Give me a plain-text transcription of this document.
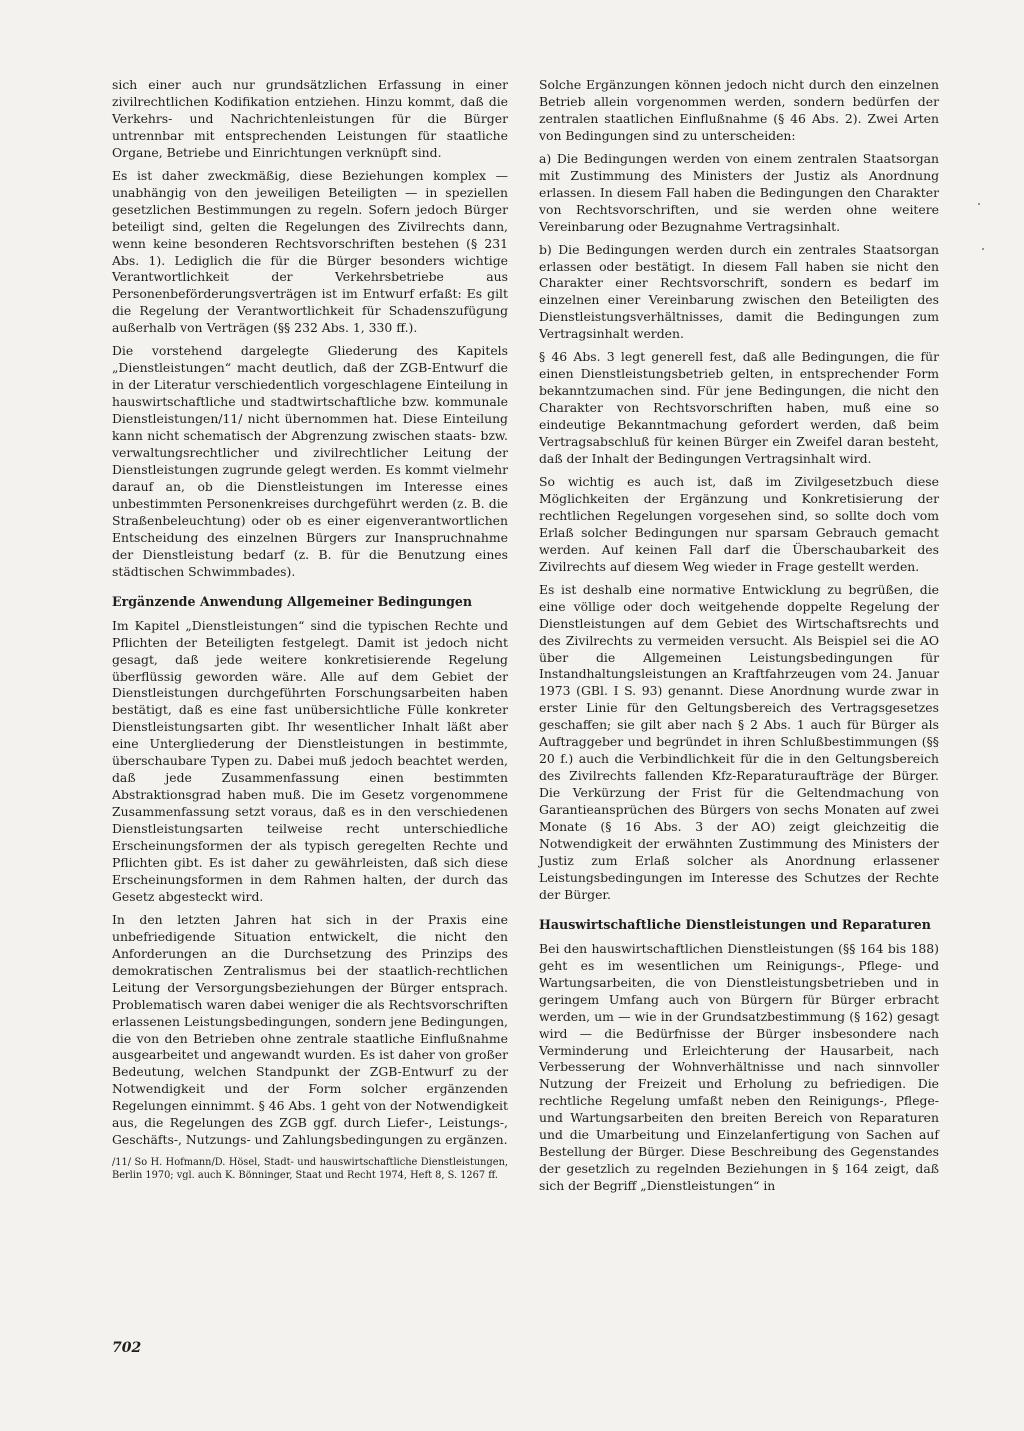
sich einer auch nur grundsätzlichen Erfassung in einer zivilrechtlichen Kodifikation entziehen. Hinzu kommt, daß die Verkehrs- und Nachrichtenleistungen für die Bürger untrennbar mit entsprechenden Leistungen für staatliche Organe, Betriebe und Einrichtungen verknüpft sind.

Es ist daher zweckmäßig, diese Beziehungen komplex — unabhängig von den jeweiligen Beteiligten — in speziellen gesetzlichen Bestimmungen zu regeln. Sofern jedoch Bürger beteiligt sind, gelten die Regelungen des Zivilrechts dann, wenn keine besonderen Rechtsvorschriften bestehen (§ 231 Abs. 1). Lediglich die für die Bürger besonders wichtige Verantwortlichkeit der Verkehrsbetriebe aus Personenbeförderungsverträgen ist im Entwurf erfaßt: Es gilt die Regelung der Verantwortlichkeit für Schadenszufügung außerhalb von Verträgen (§§ 232 Abs. 1, 330 ff.).

Die vorstehend dargelegte Gliederung des Kapitels „Dienstleistungen“ macht deutlich, daß der ZGB-Entwurf die in der Literatur verschiedentlich vorgeschlagene Einteilung in hauswirtschaftliche und stadtwirtschaftliche bzw. kommunale Dienstleistungen/11/ nicht übernommen hat. Diese Einteilung kann nicht schematisch der Abgrenzung zwischen staats- bzw. verwaltungsrechtlicher und zivilrechtlicher Leitung der Dienstleistungen zugrunde gelegt werden. Es kommt vielmehr darauf an, ob die Dienstleistungen im Interesse eines unbestimmten Personenkreises durchgeführt werden (z. B. die Straßenbeleuchtung) oder ob es einer eigenverantwortlichen Entscheidung des einzelnen Bürgers zur Inanspruchnahme der Dienstleistung bedarf (z. B. für die Benutzung eines städtischen Schwimmbades).

Ergänzende Anwendung Allgemeiner Bedingungen

Im Kapitel „Dienstleistungen“ sind die typischen Rechte und Pflichten der Beteiligten festgelegt. Damit ist jedoch nicht gesagt, daß jede weitere konkretisierende Regelung überflüssig geworden wäre. Alle auf dem Gebiet der Dienstleistungen durchgeführten Forschungsarbeiten haben bestätigt, daß es eine fast unübersichtliche Fülle konkreter Dienstleistungsarten gibt. Ihr wesentlicher Inhalt läßt aber eine Untergliederung der Dienstleistungen in bestimmte, überschaubare Typen zu. Dabei muß jedoch beachtet werden, daß jede Zusammenfassung einen bestimmten Abstraktionsgrad haben muß. Die im Gesetz vorgenommene Zusammenfassung setzt voraus, daß es in den verschiedenen Dienstleistungsarten teilweise recht unterschiedliche Erscheinungsformen der als typisch geregelten Rechte und Pflichten gibt. Es ist daher zu gewährleisten, daß sich diese Erscheinungsformen in dem Rahmen halten, der durch das Gesetz abgesteckt wird.

In den letzten Jahren hat sich in der Praxis eine unbefriedigende Situation entwickelt, die nicht den Anforderungen an die Durchsetzung des Prinzips des demokratischen Zentralismus bei der staatlich-rechtlichen Leitung der Versorgungsbeziehungen der Bürger entsprach. Problematisch waren dabei weniger die als Rechtsvorschriften erlassenen Leistungsbedingungen, sondern jene Bedingungen, die von den Betrieben ohne zentrale staatliche Einflußnahme ausgearbeitet und angewandt wurden. Es ist daher von großer Bedeutung, welchen Standpunkt der ZGB-Entwurf zu der Notwendigkeit und der Form solcher ergänzenden Regelungen einnimmt. § 46 Abs. 1 geht von der Notwendigkeit aus, die Regelungen des ZGB ggf. durch Liefer-, Leistungs-, Geschäfts-, Nutzungs- und Zahlungsbedingungen zu ergänzen.

/11/ So H. Hofmann/D. Hösel, Stadt- und hauswirtschaftliche Dienstleistungen, Berlin 1970; vgl. auch K. Bönninger, Staat und Recht 1974, Heft 8, S. 1267 ff.

Solche Ergänzungen können jedoch nicht durch den einzelnen Betrieb allein vorgenommen werden, sondern bedürfen der zentralen staatlichen Einflußnahme (§ 46 Abs. 2). Zwei Arten von Bedingungen sind zu unterscheiden:

a) Die Bedingungen werden von einem zentralen Staatsorgan mit Zustimmung des Ministers der Justiz als Anordnung erlassen. In diesem Fall haben die Bedingungen den Charakter von Rechtsvorschriften, und sie werden ohne weitere Vereinbarung oder Bezugnahme Vertragsinhalt.

b) Die Bedingungen werden durch ein zentrales Staatsorgan erlassen oder bestätigt. In diesem Fall haben sie nicht den Charakter einer Rechtsvorschrift, sondern es bedarf im einzelnen einer Vereinbarung zwischen den Beteiligten des Dienstleistungsverhältnisses, damit die Bedingungen zum Vertragsinhalt werden.

§ 46 Abs. 3 legt generell fest, daß alle Bedingungen, die für einen Dienstleistungsbetrieb gelten, in entsprechender Form bekanntzumachen sind. Für jene Bedingungen, die nicht den Charakter von Rechtsvorschriften haben, muß eine so eindeutige Bekanntmachung gefordert werden, daß beim Vertragsabschluß für keinen Bürger ein Zweifel daran besteht, daß der Inhalt der Bedingungen Vertragsinhalt wird.

So wichtig es auch ist, daß im Zivilgesetzbuch diese Möglichkeiten der Ergänzung und Konkretisierung der rechtlichen Regelungen vorgesehen sind, so sollte doch vom Erlaß solcher Bedingungen nur sparsam Gebrauch gemacht werden. Auf keinen Fall darf die Überschaubarkeit des Zivilrechts auf diesem Weg wieder in Frage gestellt werden.

Es ist deshalb eine normative Entwicklung zu begrüßen, die eine völlige oder doch weitgehende doppelte Regelung der Dienstleistungen auf dem Gebiet des Wirtschaftsrechts und des Zivilrechts zu vermeiden versucht. Als Beispiel sei die AO über die Allgemeinen Leistungsbedingungen für Instandhaltungsleistungen an Kraftfahrzeugen vom 24. Januar 1973 (GBl. I S. 93) genannt. Diese Anordnung wurde zwar in erster Linie für den Geltungsbereich des Vertragsgesetzes geschaffen; sie gilt aber nach § 2 Abs. 1 auch für Bürger als Auftraggeber und begründet in ihren Schlußbestimmungen (§§ 20 f.) auch die Verbindlichkeit für die in den Geltungsbereich des Zivilrechts fallenden Kfz-Reparaturaufträge der Bürger. Die Verkürzung der Frist für die Geltendmachung von Garantieansprüchen des Bürgers von sechs Monaten auf zwei Monate (§ 16 Abs. 3 der AO) zeigt gleichzeitig die Notwendigkeit der erwähnten Zustimmung des Ministers der Justiz zum Erlaß solcher als Anordnung erlassener Leistungsbedingungen im Interesse des Schutzes der Rechte der Bürger.

Hauswirtschaftliche Dienstleistungen und Reparaturen

Bei den hauswirtschaftlichen Dienstleistungen (§§ 164 bis 188) geht es im wesentlichen um Reinigungs-, Pflege- und Wartungsarbeiten, die von Dienstleistungsbetrieben und in geringem Umfang auch von Bürgern für Bürger erbracht werden, um — wie in der Grundsatzbestimmung (§ 162) gesagt wird — die Bedürfnisse der Bürger insbesondere nach Verminderung und Erleichterung der Hausarbeit, nach Verbesserung der Wohnverhältnisse und nach sinnvoller Nutzung der Freizeit und Erholung zu befriedigen. Die rechtliche Regelung umfaßt neben den Reinigungs-, Pflege- und Wartungsarbeiten den breiten Bereich von Reparaturen und die Umarbeitung und Einzelanfertigung von Sachen auf Bestellung der Bürger. Diese Beschreibung des Gegenstandes der gesetzlich zu regelnden Beziehungen in § 164 zeigt, daß sich der Begriff „Dienstleistungen“ in

702
